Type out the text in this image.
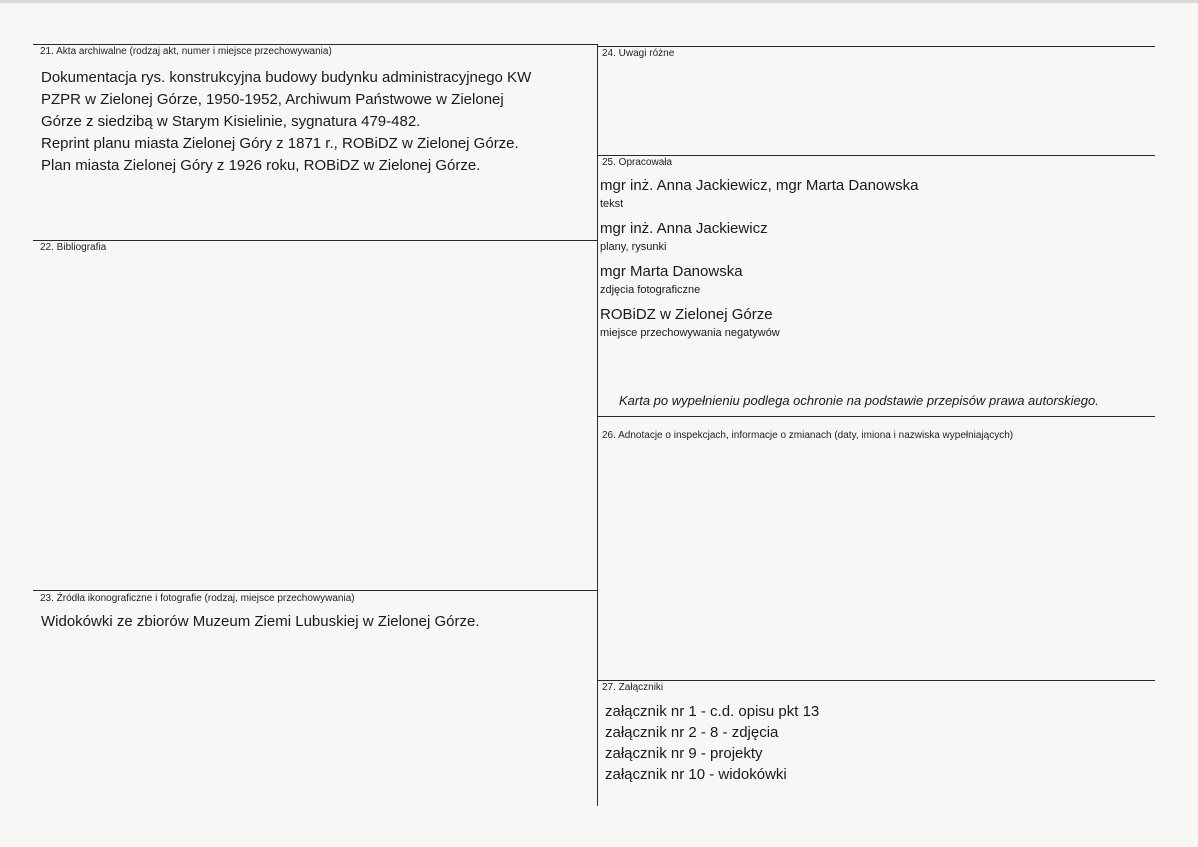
21. Akta archiwalne (rodzaj akt, numer i miejsce przechowywania)

Dokumentacja rys. konstrukcyjna budowy budynku administracyjnego KW

PZPR w Zielonej Górze, 1950-1952, Archiwum Państwowe w Zielonej

Górze z siedzibą w Starym Kisielinie, sygnatura 479-482.

Reprint planu miasta Zielonej Góry z 1871 r., ROBiDZ w Zielonej Górze.

Plan miasta Zielonej Góry z 1926 roku, ROBiDZ w Zielonej Górze.

22. Bibliografia
23. Źródła ikonograficzne i fotografie (rodzaj, miejsce przechowywania)
Widokówki ze zbiorów Muzeum Ziemi Lubuskiej w Zielonej Górze.
24. Uwagi różne
25. Opracowała
mgr inż. Anna Jackiewicz, mgr Marta Danowska
tekst
mgr inż. Anna Jackiewicz
plany, rysunki
mgr Marta Danowska
zdjęcia fotograficzne
ROBiDZ w Zielonej Górze
miejsce przechowywania negatywów
Karta po wypełnieniu podlega ochronie na podstawie przepisów prawa autorskiego.
26. Adnotacje o inspekcjach, informacje o zmianach (daty, imiona i nazwiska wypełniających)
27. Załączniki
załącznik nr 1 - c.d. opisu pkt 13
załącznik nr 2 - 8 - zdjęcia
załącznik nr 9 - projekty
załącznik nr 10 - widokówki
